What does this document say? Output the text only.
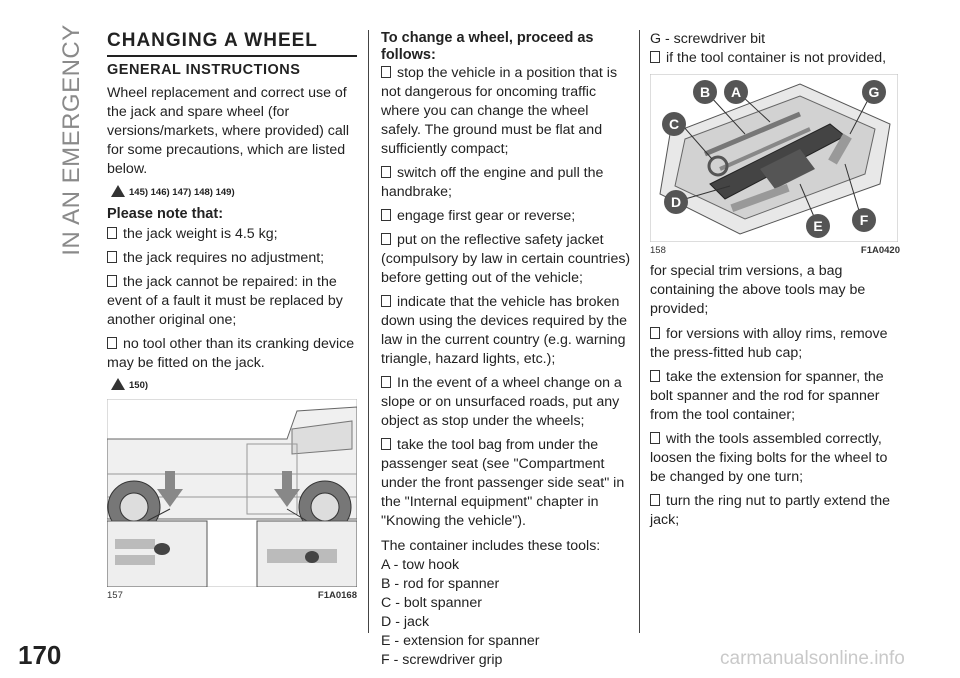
IN AN EMERGENCY
170	carmanualsonline.info
CHANGING A WHEEL
GENERAL INSTRUCTIONS

Wheel replacement and correct use of the jack and spare wheel (for versions/markets, where provided) call for some precautions, which are listed below.

145) 146) 147) 148) 149)
Please note that:
the jack weight is 4.5 kg;
the jack requires no adjustment;
the jack cannot be repaired: in the event of a fault it must be replaced by another original one;
no tool other than its cranking device may be fitted on the jack.
150)
157	F1A0168
To change a wheel, proceed as follows:
stop the vehicle in a position that is not dangerous for oncoming traffic where you can change the wheel safely. The ground must be flat and sufficiently compact;
switch off the engine and pull the handbrake;
engage first gear or reverse;
put on the reflective safety jacket (compulsory by law in certain countries) before getting out of the vehicle;
indicate that the vehicle has broken down using the devices required by the law in the current country (e.g. warning triangle, hazard lights, etc.);
In the event of a wheel change on a slope or on unsurfaced roads, put any object as stop under the wheels;
take the tool bag from under the passenger seat (see "Compartment under the front passenger side seat" in the "Internal equipment" chapter in "Knowing the vehicle").

The container includes these tools:

A - tow hook

B - rod for spanner

C - bolt spanner

D - jack

E - extension for spanner

F - screwdriver grip

G - screwdriver bit

if the tool container is not provided,
B A	G
C
D
E	F
158	F1A0420

for special trim versions, a bag containing the above tools may be provided;

for versions with alloy rims, remove the press-fitted hub cap;
take the extension for spanner, the bolt spanner and the rod for spanner from the tool container;
with the tools assembled correctly, loosen the fixing bolts for the wheel to be changed by one turn;
turn the ring nut to partly extend the jack;
